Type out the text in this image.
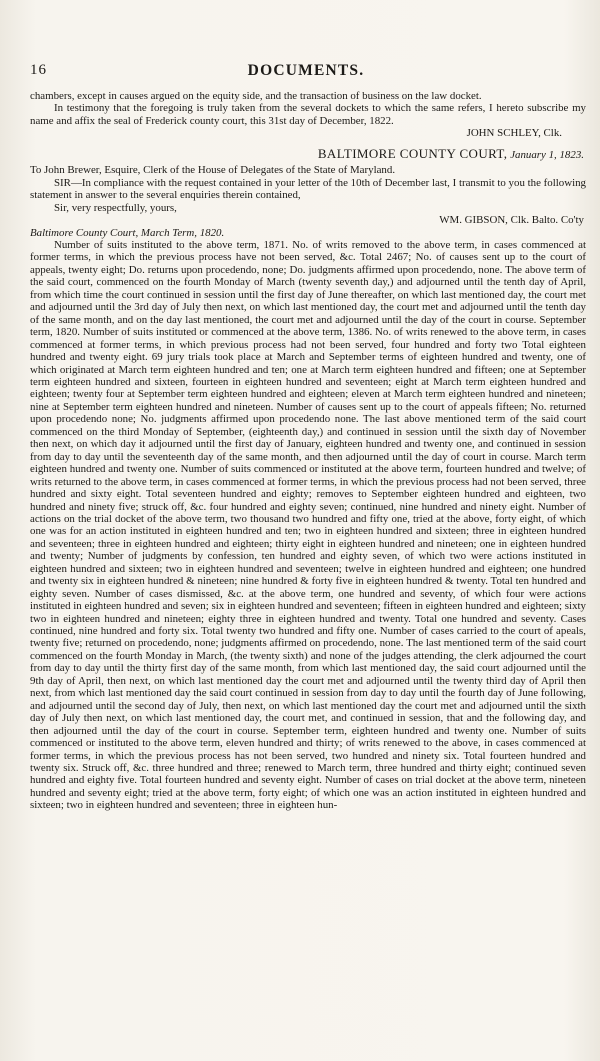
16	DOCUMENTS.

chambers, except in causes argued on the equity side, and the transaction of business on the law docket.

In testimony that the foregoing is truly taken from the several dockets to which the same refers, I hereto subscribe my name and affix the seal of Frederick county court, this 31st day of December, 1822.

JOHN SCHLEY, Clk.

BALTIMORE COUNTY COURT, January 1, 1823.

To John Brewer, Esquire, Clerk of the House of Delegates of the State of Maryland.

SIR—In compliance with the request contained in your letter of the 10th of December last, I transmit to you the following statement in answer to the several enquiries therein contained,

Sir, very respectfully, yours,

WM. GIBSON, Clk. Balto. Co'ty

Baltimore County Court, March Term, 1820.

Number of suits instituted to the above term, 1871. No. of writs removed to the above term, in cases commenced at former terms, in which the previous process have not been served, &c. Total 2467; No. of causes sent up to the court of appeals, twenty eight; Do. returns upon procedendo, none; Do. judgments affirmed upon procedendo, none. The above term of the said court, commenced on the fourth Monday of March (twenty seventh day,) and adjourned until the tenth day of April, from which time the court continued in session until the first day of June thereafter, on which last mentioned day, the court met and adjourned until the 3rd day of July then next, on which last mentioned day, the court met and adjourned until the tenth day of the same month, and on the day last mentioned, the court met and adjourned until the day of the court in course. September term, 1820. Number of suits instituted or commenced at the above term, 1386. No. of writs renewed to the above term, in cases commenced at former terms, in which previous process had not been served, four hundred and forty two Total eighteen hundred and twenty eight. 69 jury trials took place at March and September terms of eighteen hundred and twenty, one of which originated at March term eighteen hundred and ten; one at March term eighteen hundred and fifteen; one at September term eighteen hundred and sixteen, fourteen in eighteen hundred and seventeen; eight at March term eighteen hundred and eighteen; twenty four at September term eighteen hundred and eighteen; eleven at March term eighteen hundred and nineteen; nine at September term eighteen hundred and nineteen. Number of causes sent up to the court of appeals fifteen; No. returned upon procedendo none; No. judgments affirmed upon procedendo none. The last above mentioned term of the said court commenced on the third Monday of September, (eighteenth day,) and continued in session until the sixth day of November then next, on which day it adjourned until the first day of January, eighteen hundred and twenty one, and continued in session from day to day until the seventeenth day of the same month, and then adjourned until the day of court in course. March term eighteen hundred and twenty one. Number of suits commenced or instituted at the above term, fourteen hundred and twelve; of writs returned to the above term, in cases commenced at former terms, in which the previous process had not been served, three hundred and sixty eight. Total seventeen hundred and eighty; removes to September eighteen hundred and eighteen, two hundred and ninety five; struck off, &c. four hundred and eighty seven; continued, nine hundred and ninety eight. Number of actions on the trial docket of the above term, two thousand two hundred and fifty one, tried at the above, forty eight, of which one was for an action instituted in eighteen hundred and ten; two in eighteen hundred and sixteen; three in eighteen hundred and seventeen; three in eighteen hundred and eighteen; thirty eight in eighteen hundred and nineteen; one in eighteen hundred and twenty; Number of judgments by confession, ten hundred and eighty seven, of which two were actions instituted in eighteen hundred and sixteen; two in eighteen hundred and seventeen; twelve in eighteen hundred and eighteen; one hundred and twenty six in eighteen hundred & nineteen; nine hundred & forty five in eighteen hundred & twenty. Total ten hundred and eighty seven. Number of cases dismissed, &c. at the above term, one hundred and seventy, of which four were actions instituted in eighteen hundred and seven; six in eighteen hundred and seventeen; fifteen in eighteen hundred and eighteen; sixty two in eighteen hundred and nineteen; eighty three in eighteen hundred and twenty. Total one hundred and seventy. Cases continued, nine hundred and forty six. Total twenty two hundred and fifty one. Number of cases carried to the court of apeals, twenty five; returned on procedendo, none; judgments affirmed on procedendo, none. The last mentioned term of the said court commenced on the fourth Monday in March, (the twenty sixth) and none of the judges attending, the clerk adjourned the court from day to day until the thirty first day of the same month, from which last mentioned day, the said court adjourned until the 9th day of April, then next, on which last mentioned day the court met and adjourned until the twenty third day of April then next, from which last mentioned day the said court continued in session from day to day until the fourth day of June following, and adjourned until the second day of July, then next, on which last mentioned day the court met and adjourned until the sixth day of July then next, on which last mentioned day, the court met, and continued in session, that and the following day, and then adjourned until the day of the court in course. September term, eighteen hundred and twenty one. Number of suits commenced or instituted to the above term, eleven hundred and thirty; of writs renewed to the above, in cases commenced at former terms, in which the previous process has not been served, two hundred and ninety six. Total fourteen hundred and twenty six. Struck off, &c. three hundred and three; renewed to March term, three hundred and thirty eight; continued seven hundred and eighty five. Total fourteen hundred and seventy eight. Number of cases on trial docket at the above term, nineteen hundred and seventy eight; tried at the above term, forty eight; of which one was an action instituted in eighteen hundred and sixteen; two in eighteen hundred and seventeen; three in eighteen hun-
